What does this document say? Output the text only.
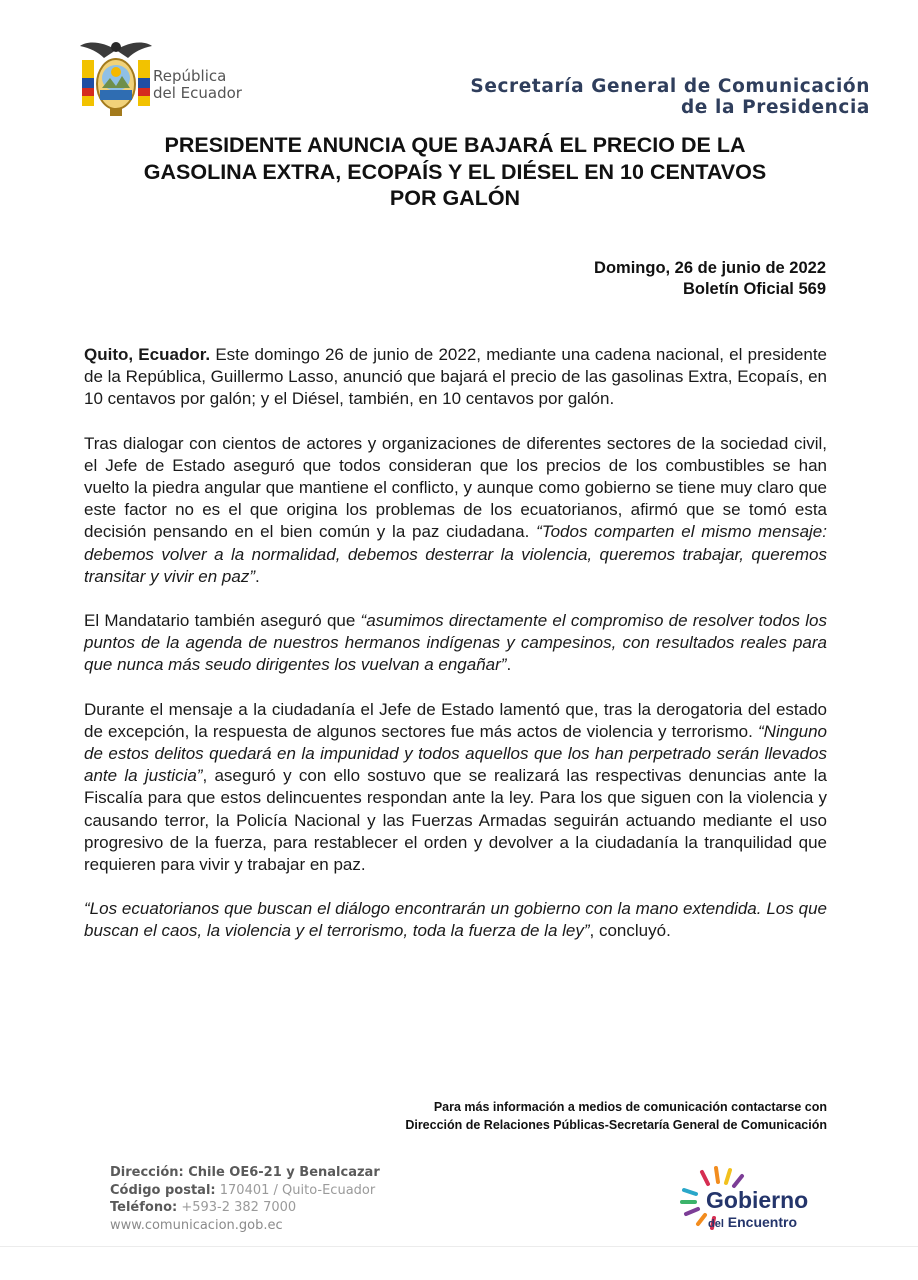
República
del Ecuador	Secretaría General de Comunicación
de la Presidencia
PRESIDENTE ANUNCIA QUE BAJARÁ EL PRECIO DE LA
GASOLINA EXTRA, ECOPAÍS Y EL DIÉSEL EN 10 CENTAVOS
POR GALÓN
Domingo, 26 de junio de 2022
Boletín Oficial 569

Quito, Ecuador. Este domingo 26 de junio de 2022, mediante una cadena nacional, el presidente de la República, Guillermo Lasso, anunció que bajará el precio de las gasolinas Extra, Ecopaís, en 10 centavos por galón; y el Diésel, también, en 10 centavos por galón.

Tras dialogar con cientos de actores y organizaciones de diferentes sectores de la sociedad civil, el Jefe de Estado aseguró que todos consideran que los precios de los combustibles se han vuelto la piedra angular que mantiene el conflicto, y aunque como gobierno se tiene muy claro que este factor no es el que origina los problemas de los ecuatorianos, afirmó que se tomó esta decisión pensando en el bien común y la paz ciudadana. “Todos comparten el mismo mensaje: debemos volver a la normalidad, debemos desterrar la violencia, queremos trabajar, queremos transitar y vivir en paz”.

El Mandatario también aseguró que “asumimos directamente el compromiso de resolver todos los puntos de la agenda de nuestros hermanos indígenas y campesinos, con resultados reales para que nunca más seudo dirigentes los vuelvan a engañar”.

Durante el mensaje a la ciudadanía el Jefe de Estado lamentó que, tras la derogatoria del estado de excepción, la respuesta de algunos sectores fue más actos de violencia y terrorismo. “Ninguno de estos delitos quedará en la impunidad y todos aquellos que los han perpetrado serán llevados ante la justicia”, aseguró y con ello sostuvo que se realizará las respectivas denuncias ante la Fiscalía para que estos delincuentes respondan ante la ley. Para los que siguen con la violencia y causando terror, la Policía Nacional y las Fuerzas Armadas seguirán actuando mediante el uso progresivo de la fuerza, para restablecer el orden y devolver a la ciudadanía la tranquilidad que requieren para vivir y trabajar en paz.

“Los ecuatorianos que buscan el diálogo encontrarán un gobierno con la mano extendida. Los que buscan el caos, la violencia y el terrorismo, toda la fuerza de la ley”, concluyó.

Para más información a medios de comunicación contactarse con
Dirección de Relaciones Públicas-Secretaría General de Comunicación
Dirección: Chile OE6-21 y Benalcazar
Código postal: 170401 / Quito-Ecuador
Teléfono: +593-2 382 7000
www.comunicacion.gob.ec
Gobierno
del Encuentro
